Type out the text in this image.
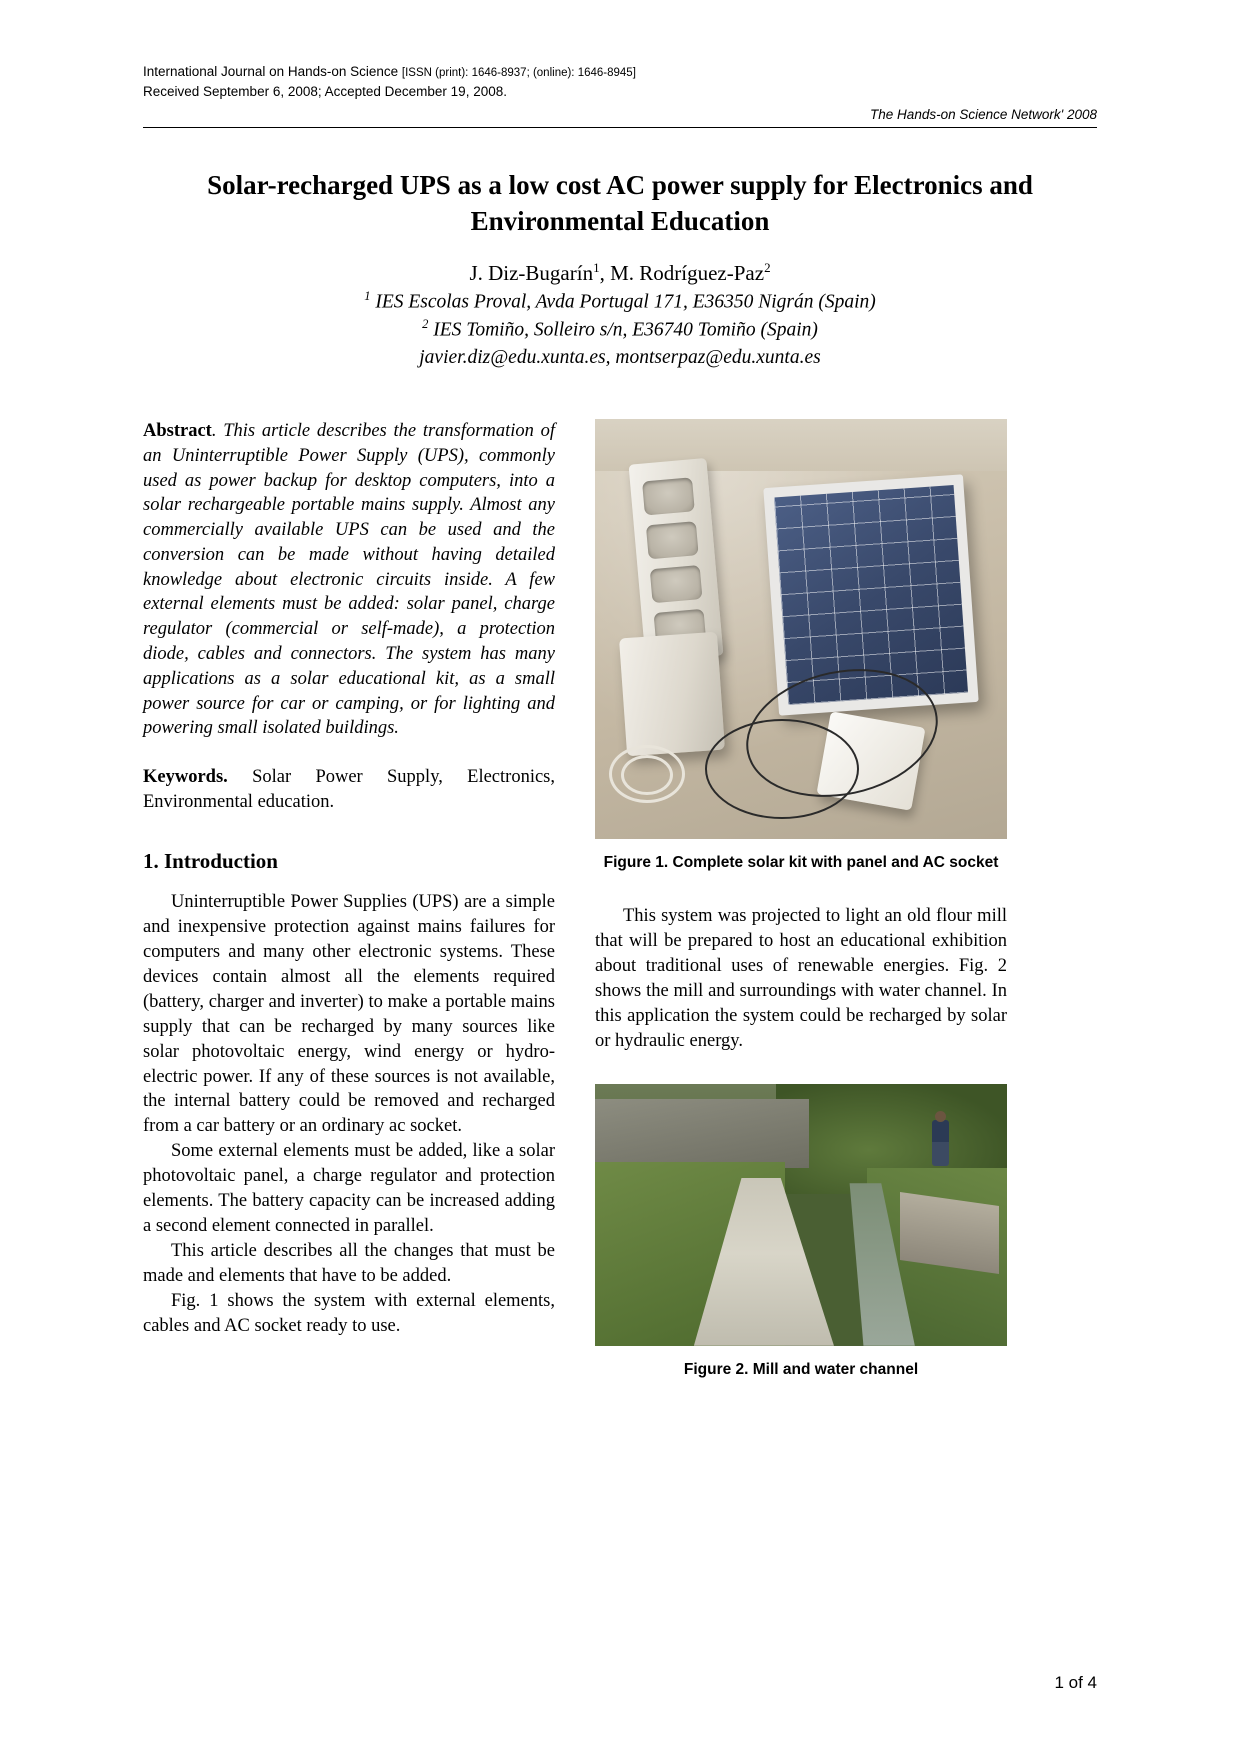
International Journal on Hands-on Science [ISSN (print): 1646-8937; (online): 1646-8945]
Received September 6, 2008; Accepted December 19, 2008.
The Hands-on Science Network' 2008
Solar-recharged UPS as a low cost AC power supply for Electronics and Environmental Education
J. Diz-Bugarín$^1$, M. Rodríguez-Paz$^2$
$^1$ IES Escolas Proval, Avda Portugal 171, E36350 Nigrán (Spain)
$^2$ IES Tomiño, Solleiro s/n, E36740 Tomiño (Spain)
javier.diz@edu.xunta.es, montserpaz@edu.xunta.es

Abstract. This article describes the transformation of an Uninterruptible Power Supply (UPS), commonly used as power backup for desktop computers, into a solar rechargeable portable mains supply. Almost any commercially available UPS can be used and the conversion can be made without having detailed knowledge about electronic circuits inside. A few external elements must be added: solar panel, charge regulator (commercial or self-made), a protection diode, cables and connectors. The system has many applications as a solar educational kit, as a small power source for car or camping, or for lighting and powering small isolated buildings.

Keywords. Solar Power Supply, Electronics, Environmental education.

1. Introduction

Uninterruptible Power Supplies (UPS) are a simple and inexpensive protection against mains failures for computers and many other electronic systems. These devices contain almost all the elements required (battery, charger and inverter) to make a portable mains supply that can be recharged by many sources like solar photovoltaic energy, wind energy or hydro-electric power. If any of these sources is not available, the internal battery could be removed and recharged from a car battery or an ordinary ac socket.

Some external elements must be added, like a solar photovoltaic panel, a charge regulator and protection elements. The battery capacity can be increased adding a second element connected in parallel.

This article describes all the changes that must be made and elements that have to be added.

Fig. 1 shows the system with external elements, cables and AC socket ready to use.

Figure 1. Complete solar kit with panel and AC socket

This system was projected to light an old flour mill that will be prepared to host an educational exhibition about traditional uses of renewable energies. Fig. 2 shows the mill and surroundings with water channel. In this application the system could be recharged by solar or hydraulic energy.

Figure 2. Mill and water channel
1 of 4
